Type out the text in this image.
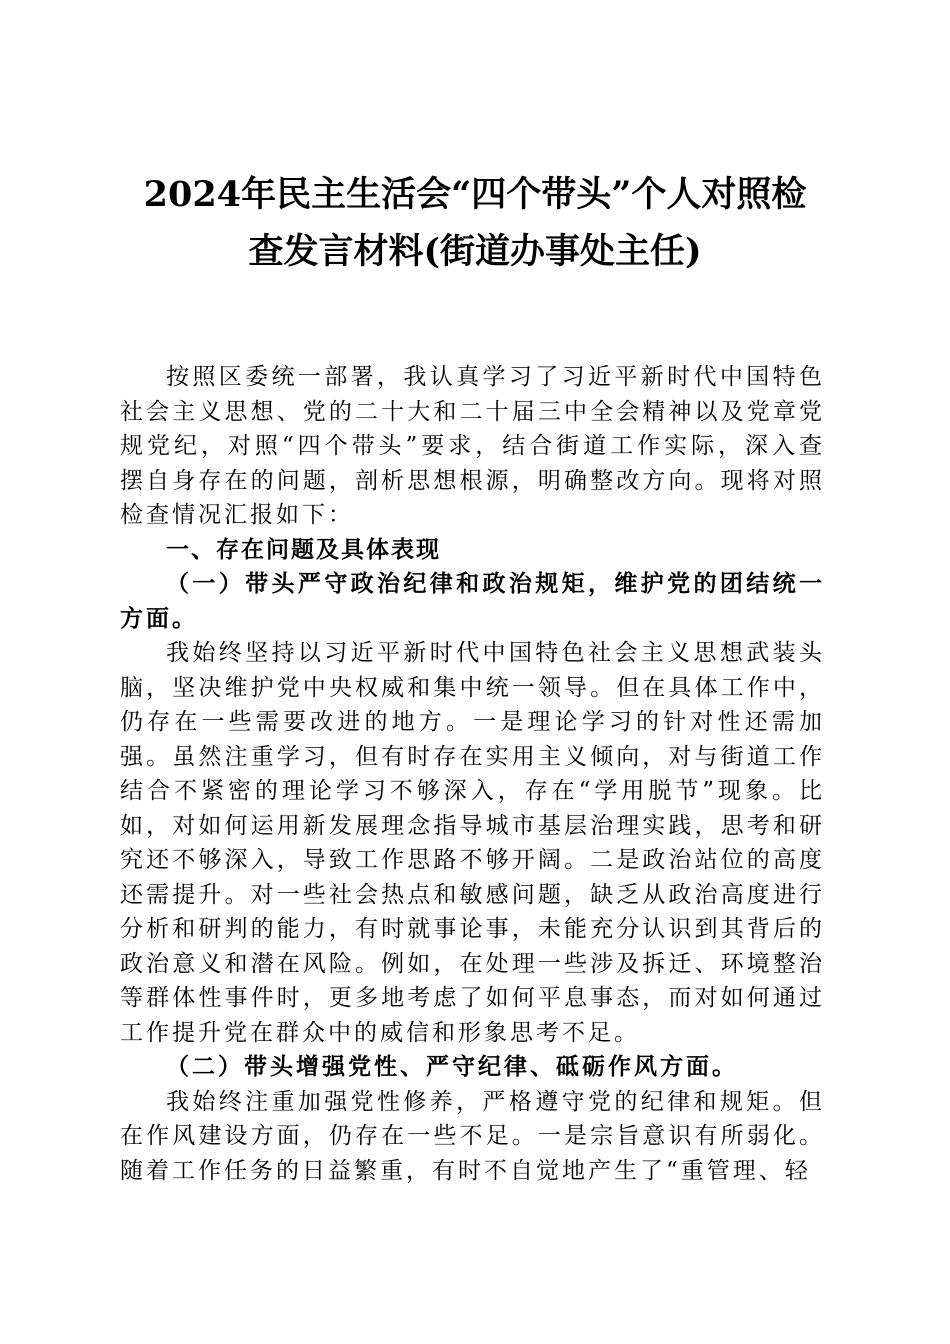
2024年民主生活会“四个带头”个人对照检
查发言材料(街道办事处主任)

按照区委统一部署，我认真学习了习近平新时代中国特色社会主义思想、党的二十大和二十届三中全会精神以及党章党规党纪，对照“四个带头”要求，结合街道工作实际，深入查摆自身存在的问题，剖析思想根源，明确整改方向。现将对照检查情况汇报如下：

一、存在问题及具体表现

（一）带头严守政治纪律和政治规矩，维护党的团结统一方面。

我始终坚持以习近平新时代中国特色社会主义思想武装头脑，坚决维护党中央权威和集中统一领导。但在具体工作中，仍存在一些需要改进的地方。一是理论学习的针对性还需加强。虽然注重学习，但有时存在实用主义倾向，对与街道工作结合不紧密的理论学习不够深入，存在“学用脱节”现象。比如，对如何运用新发展理念指导城市基层治理实践，思考和研究还不够深入，导致工作思路不够开阔。二是政治站位的高度还需提升。对一些社会热点和敏感问题，缺乏从政治高度进行分析和研判的能力，有时就事论事，未能充分认识到其背后的政治意义和潜在风险。例如，在处理一些涉及拆迁、环境整治等群体性事件时，更多地考虑了如何平息事态，而对如何通过工作提升党在群众中的威信和形象思考不足。

（二）带头增强党性、严守纪律、砥砺作风方面。

我始终注重加强党性修养，严格遵守党的纪律和规矩。但在作风建设方面，仍存在一些不足。一是宗旨意识有所弱化。随着工作任务的日益繁重，有时不自觉地产生了“重管理、轻
